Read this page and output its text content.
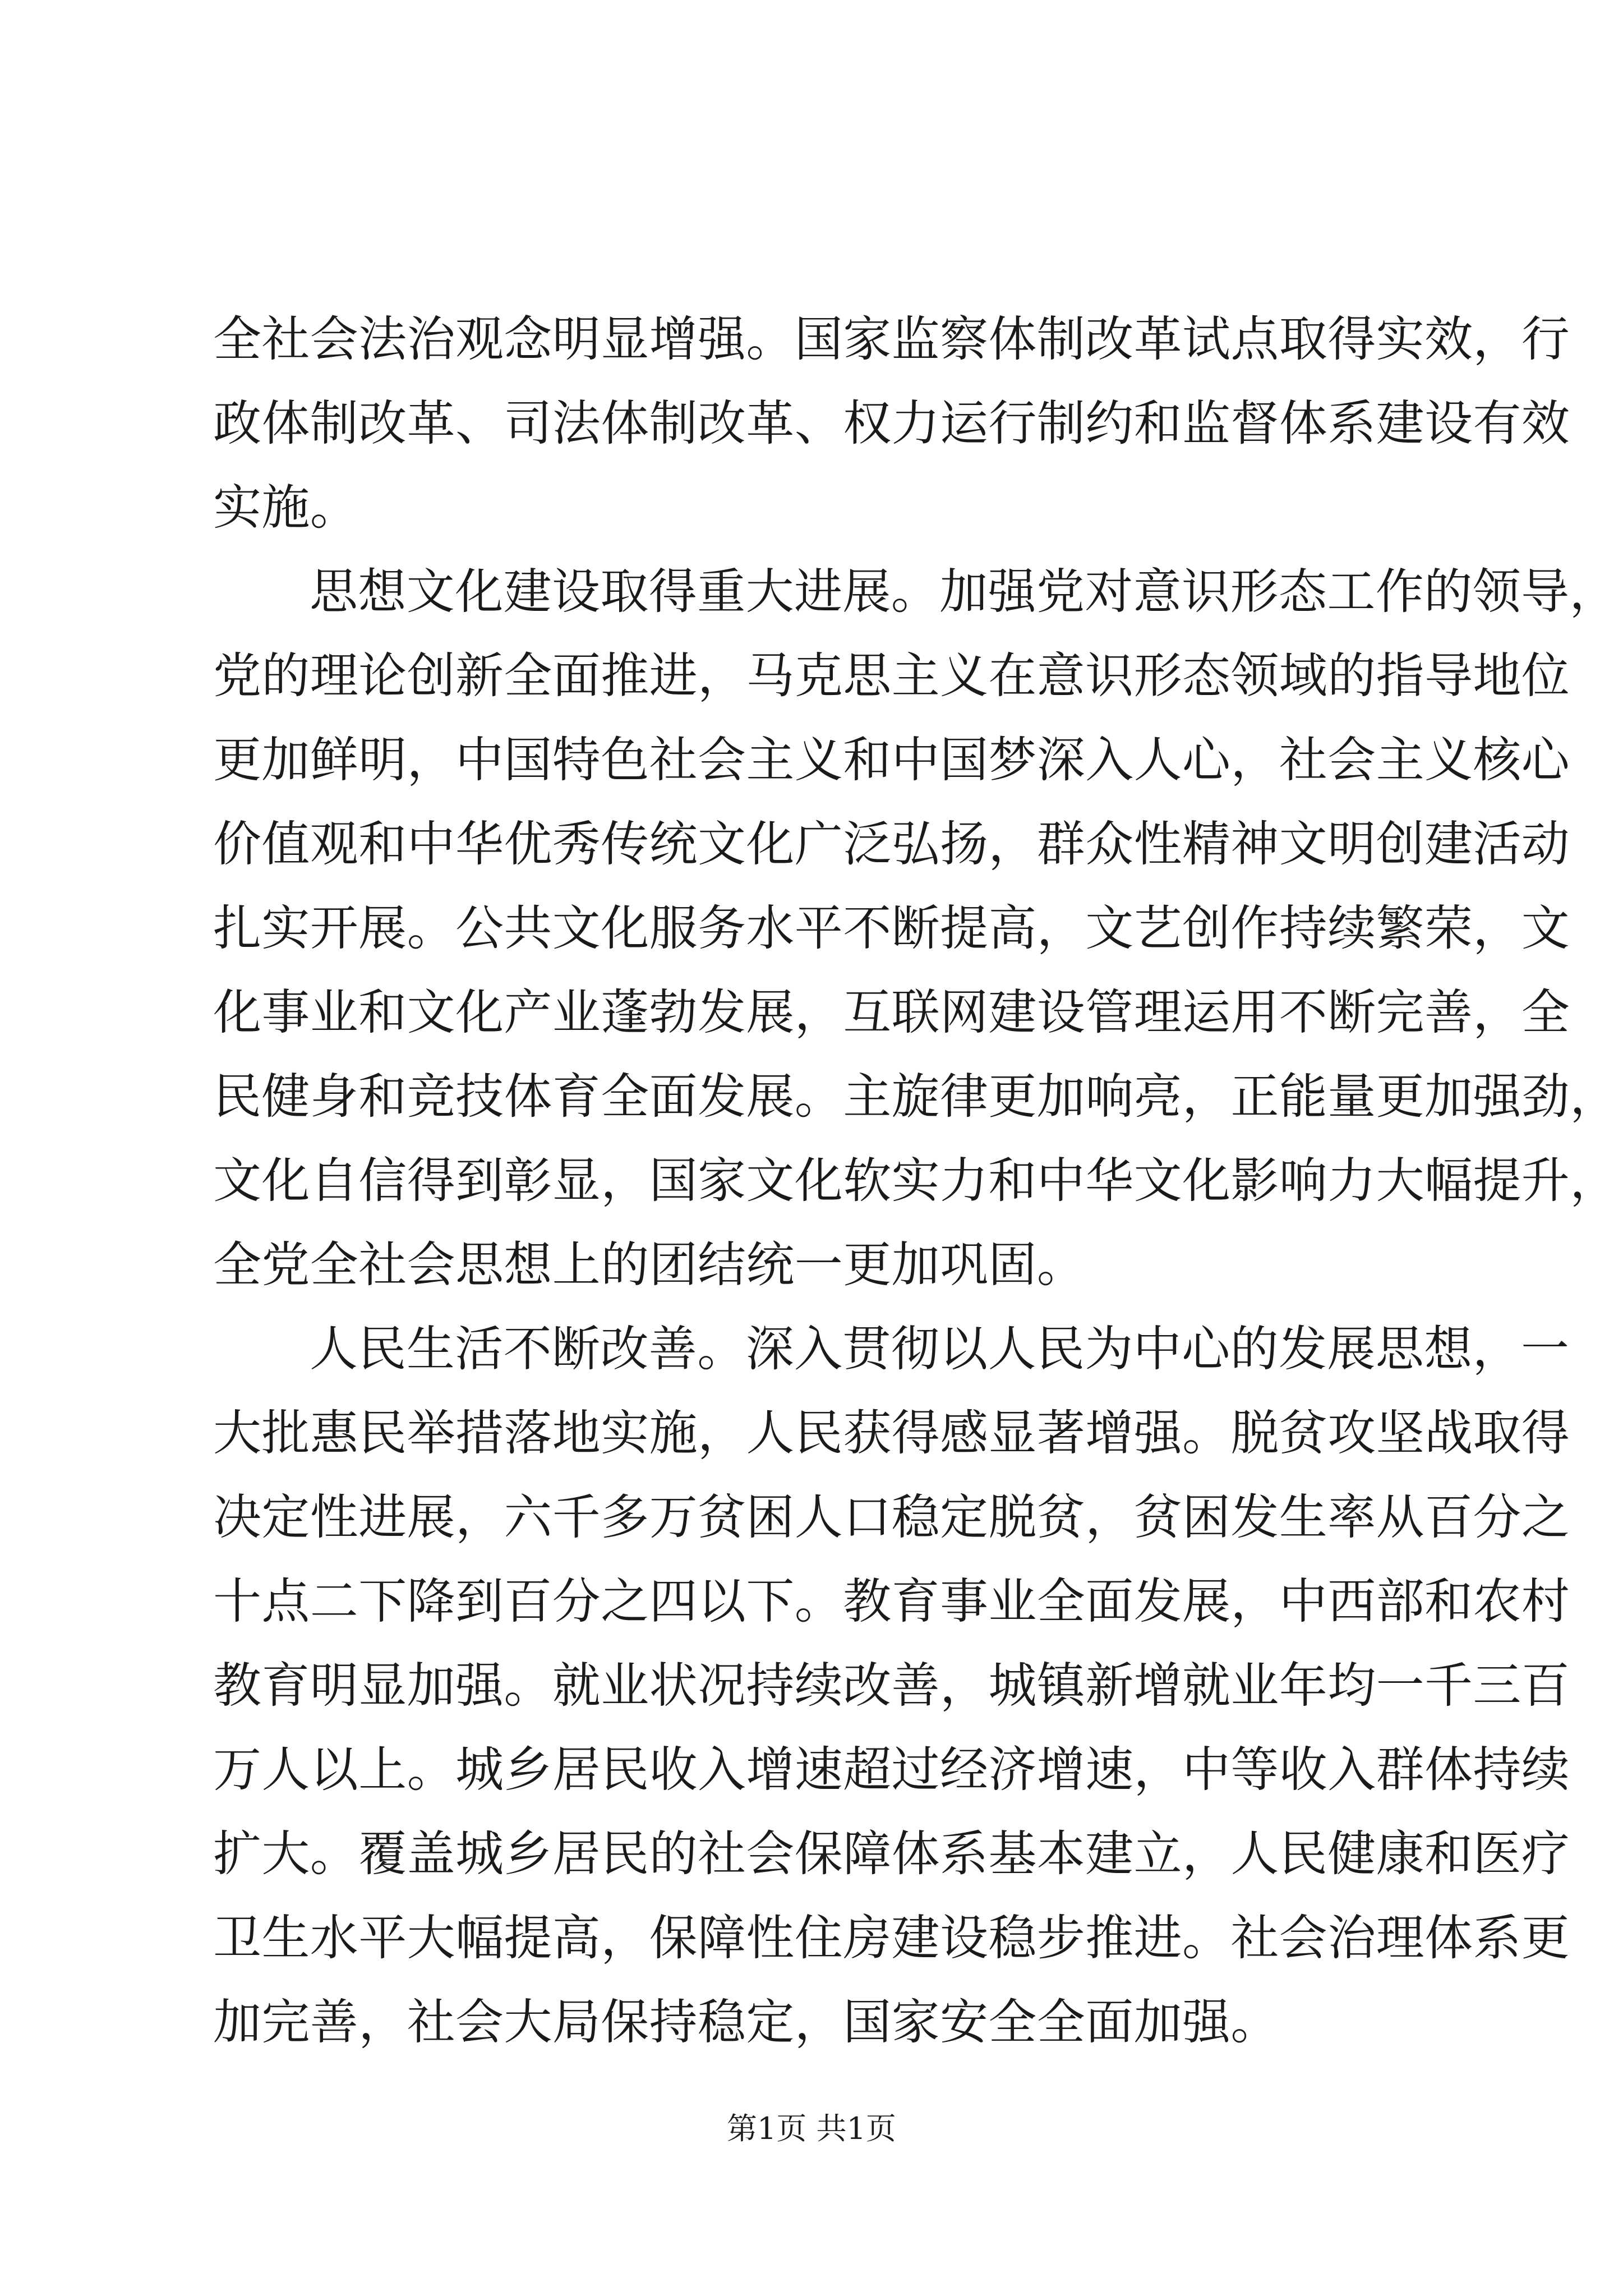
全社会法治观念明显增强。国家监察体制改革试点取得实效，行
政体制改革、司法体制改革、权力运行制约和监督体系建设有效
实施。
思想文化建设取得重大进展。加强党对意识形态工作的领导，
党的理论创新全面推进，马克思主义在意识形态领域的指导地位
更加鲜明，中国特色社会主义和中国梦深入人心，社会主义核心
价值观和中华优秀传统文化广泛弘扬，群众性精神文明创建活动
扎实开展。公共文化服务水平不断提高，文艺创作持续繁荣，文
化事业和文化产业蓬勃发展，互联网建设管理运用不断完善，全
民健身和竞技体育全面发展。主旋律更加响亮，正能量更加强劲，
文化自信得到彰显，国家文化软实力和中华文化影响力大幅提升，
全党全社会思想上的团结统一更加巩固。
人民生活不断改善。深入贯彻以人民为中心的发展思想，一
大批惠民举措落地实施，人民获得感显著增强。脱贫攻坚战取得
决定性进展，六千多万贫困人口稳定脱贫，贫困发生率从百分之
十点二下降到百分之四以下。教育事业全面发展，中西部和农村
教育明显加强。就业状况持续改善，城镇新增就业年均一千三百
万人以上。城乡居民收入增速超过经济增速，中等收入群体持续
扩大。覆盖城乡居民的社会保障体系基本建立，人民健康和医疗
卫生水平大幅提高，保障性住房建设稳步推进。社会治理体系更
加完善，社会大局保持稳定，国家安全全面加强。
第1页 共1页
